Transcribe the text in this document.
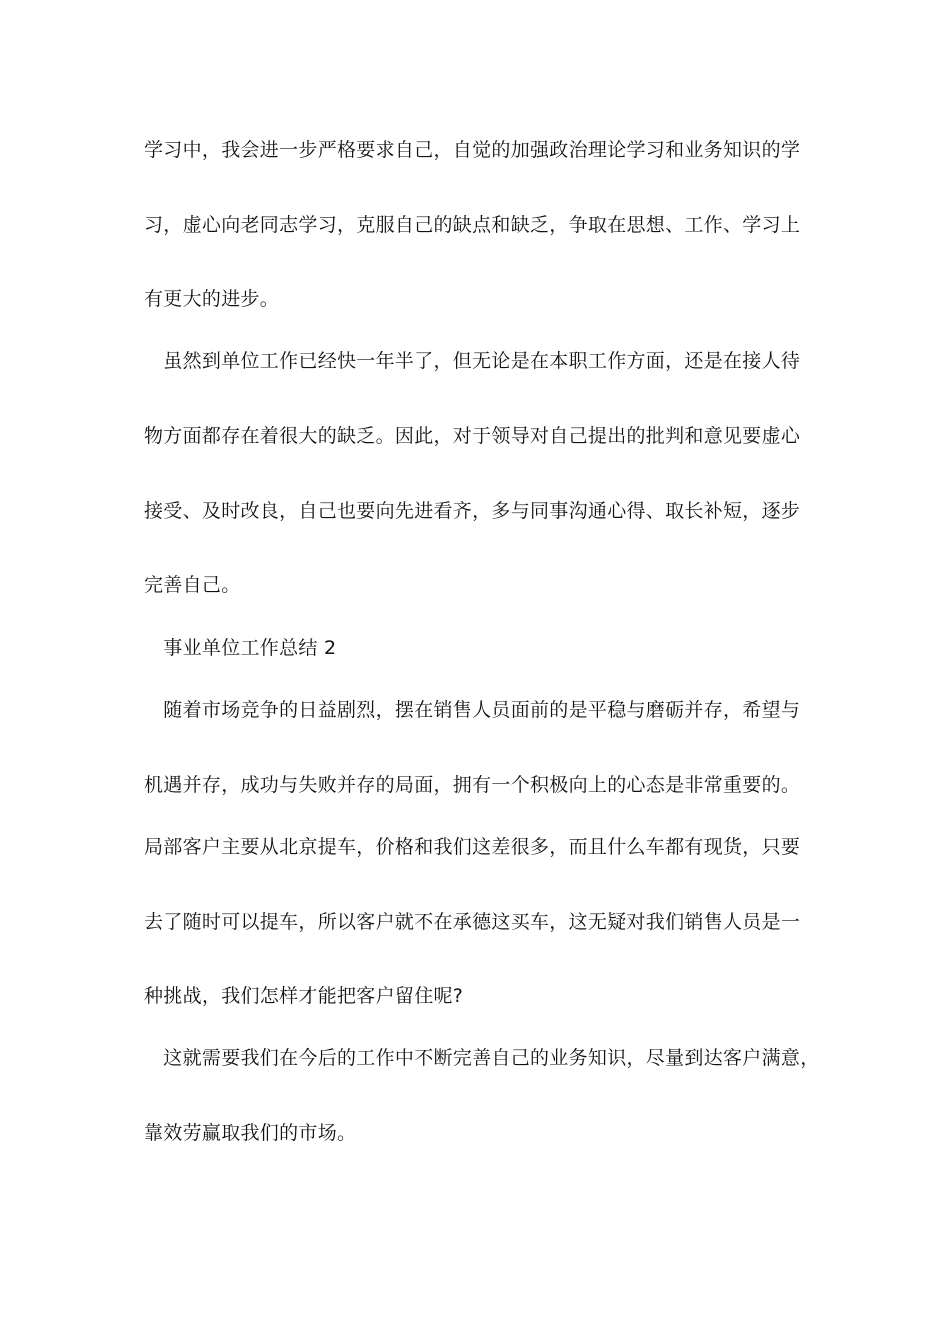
学习中，我会进一步严格要求自己，自觉的加强政治理论学习和业务知识的学
习，虚心向老同志学习，克服自己的缺点和缺乏，争取在思想、工作、学习上
有更大的进步。
　虽然到单位工作已经快一年半了，但无论是在本职工作方面，还是在接人待
物方面都存在着很大的缺乏。因此，对于领导对自己提出的批判和意见要虚心
接受、及时改良，自己也要向先进看齐，多与同事沟通心得、取长补短，逐步
完善自己。
　事业单位工作总结 2
　随着市场竞争的日益剧烈，摆在销售人员面前的是平稳与磨砺并存，希望与
机遇并存，成功与失败并存的局面，拥有一个积极向上的心态是非常重要的。
局部客户主要从北京提车，价格和我们这差很多，而且什么车都有现货，只要
去了随时可以提车，所以客户就不在承德这买车，这无疑对我们销售人员是一
种挑战，我们怎样才能把客户留住呢?
　这就需要我们在今后的工作中不断完善自己的业务知识，尽量到达客户满意，
靠效劳赢取我们的市场。
